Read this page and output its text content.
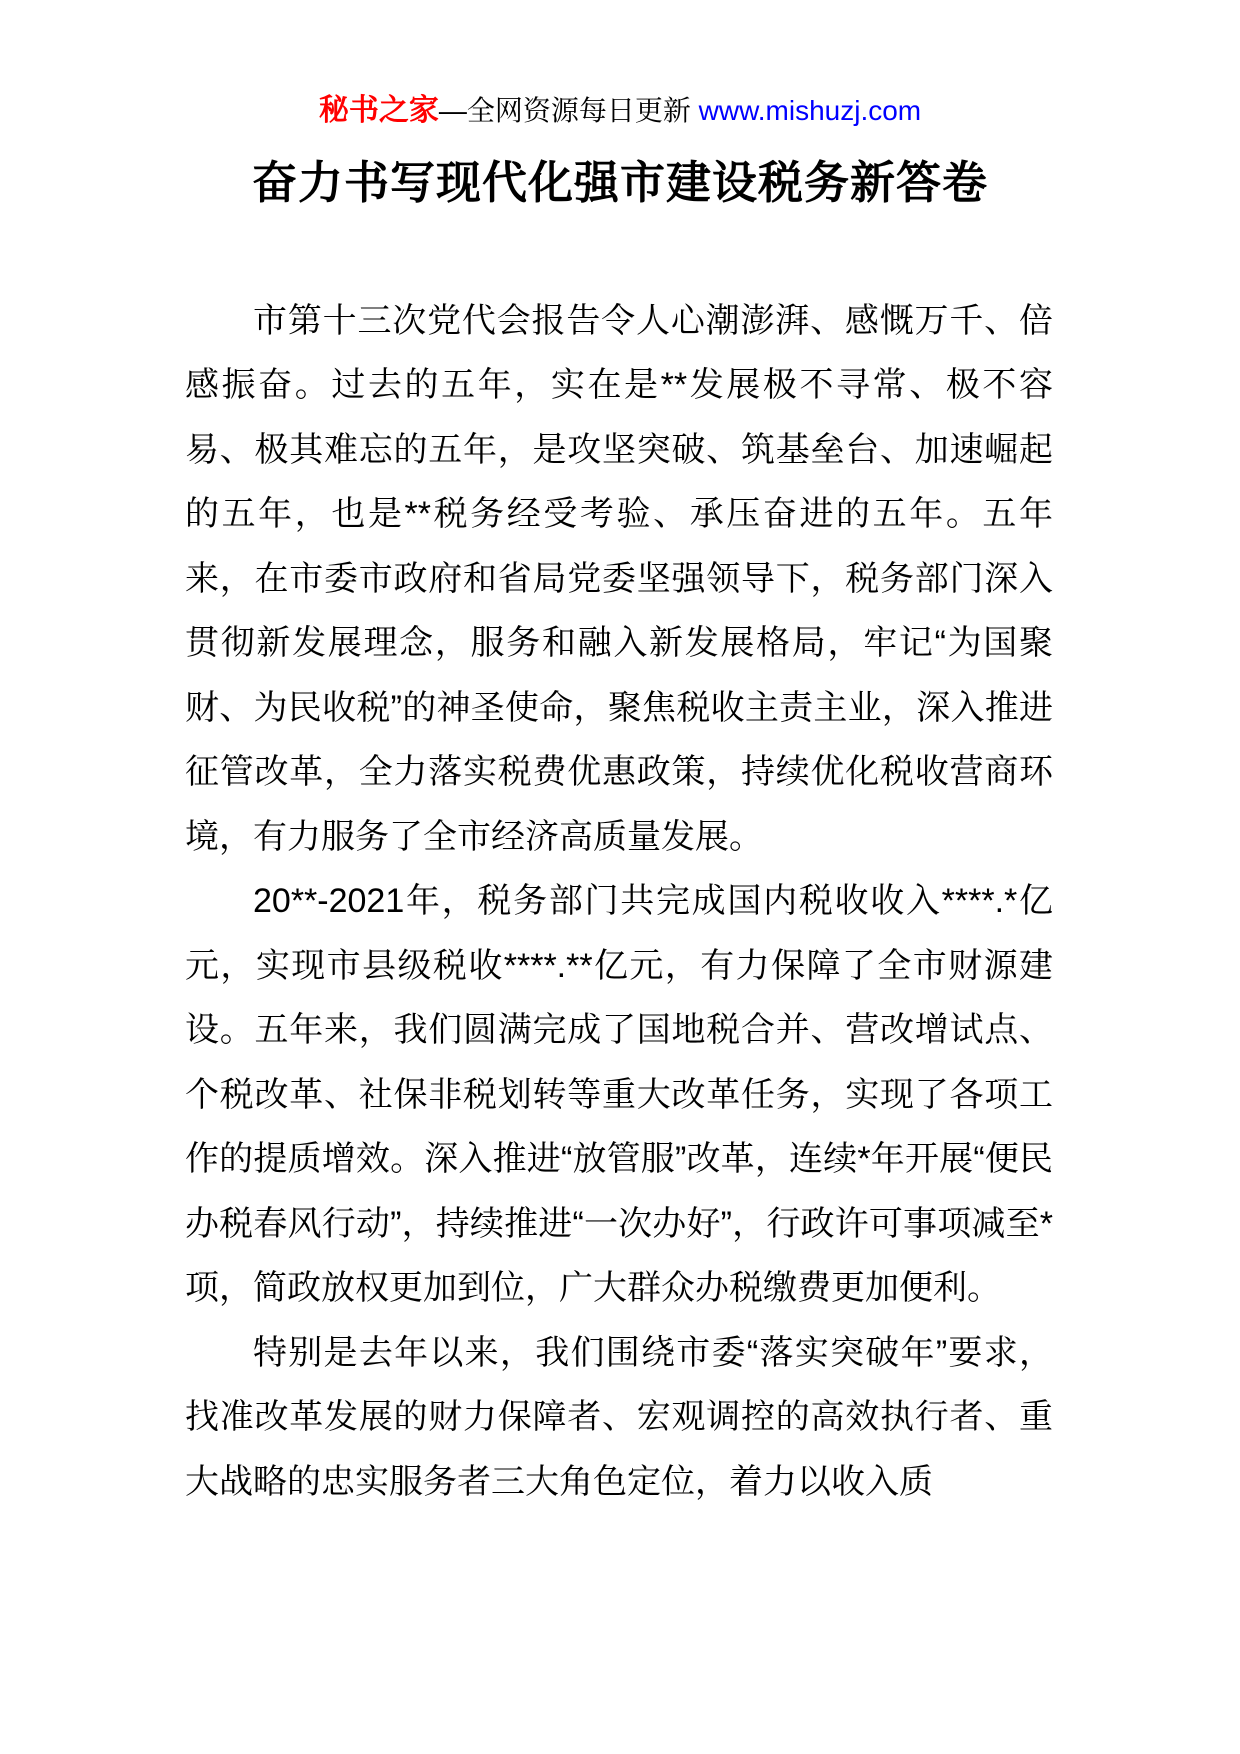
秘书之家—全网资源每日更新 www.mishuzj.com
奋力书写现代化强市建设税务新答卷

市第十三次党代会报告令人心潮澎湃、感慨万千、倍感振奋。过去的五年，实在是**发展极不寻常、极不容易、极其难忘的五年，是攻坚突破、筑基垒台、加速崛起的五年，也是**税务经受考验、承压奋进的五年。五年来，在市委市政府和省局党委坚强领导下，税务部门深入贯彻新发展理念，服务和融入新发展格局，牢记“为国聚财、为民收税”的神圣使命，聚焦税收主责主业，深入推进征管改革，全力落实税费优惠政策，持续优化税收营商环境，有力服务了全市经济高质量发展。

20**-2021年，税务部门共完成国内税收收入****.*亿元，实现市县级税收****.**亿元，有力保障了全市财源建设。五年来，我们圆满完成了国地税合并、营改增试点、个税改革、社保非税划转等重大改革任务，实现了各项工作的提质增效。深入推进“放管服”改革，连续*年开展“便民办税春风行动”，持续推进“一次办好”，行政许可事项减至*项，简政放权更加到位，广大群众办税缴费更加便利。

特别是去年以来，我们围绕市委“落实突破年”要求，找准改革发展的财力保障者、宏观调控的高效执行者、重大战略的忠实服务者三大角色定位，着力以收入质
